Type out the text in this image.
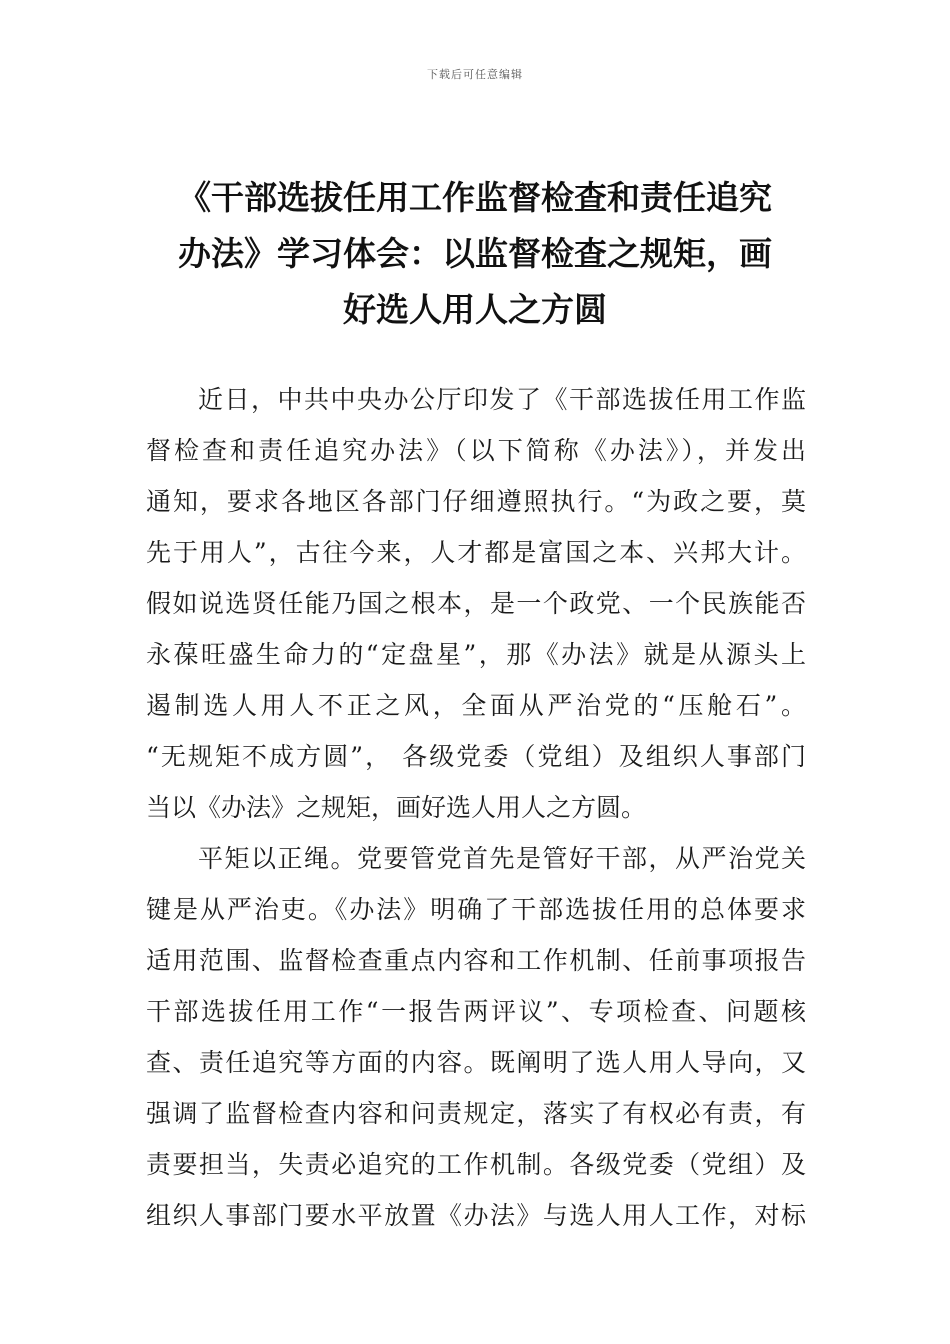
下载后可任意编辑
《干部选拔任用工作监督检查和责任追究
办法》学习体会：以监督检查之规矩，画
好选人用人之方圆
近日，中共中央办公厅印发了《干部选拔任用工作监
督检查和责任追究办法》（以下简称《办法》），并发出
通知，要求各地区各部门仔细遵照执行。“为政之要，莫
先于用人”，古往今来，人才都是富国之本、兴邦大计。
假如说选贤任能乃国之根本，是一个政党、一个民族能否
永葆旺盛生命力的“定盘星”，那《办法》就是从源头上
遏制选人用人不正之风，全面从严治党的“压舱石”。
“无规矩不成方圆”， 各级党委（党组）及组织人事部门
当以《办法》之规矩，画好选人用人之方圆。
平矩以正绳。党要管党首先是管好干部，从严治党关
键是从严治吏。《办法》明确了干部选拔任用的总体要求
适用范围、监督检查重点内容和工作机制、任前事项报告
干部选拔任用工作“一报告两评议”、专项检查、问题核
查、责任追究等方面的内容。既阐明了选人用人导向，又
强调了监督检查内容和问责规定，落实了有权必有责，有
责要担当，失责必追究的工作机制。各级党委（党组）及
组织人事部门要水平放置《办法》与选人用人工作，对标
